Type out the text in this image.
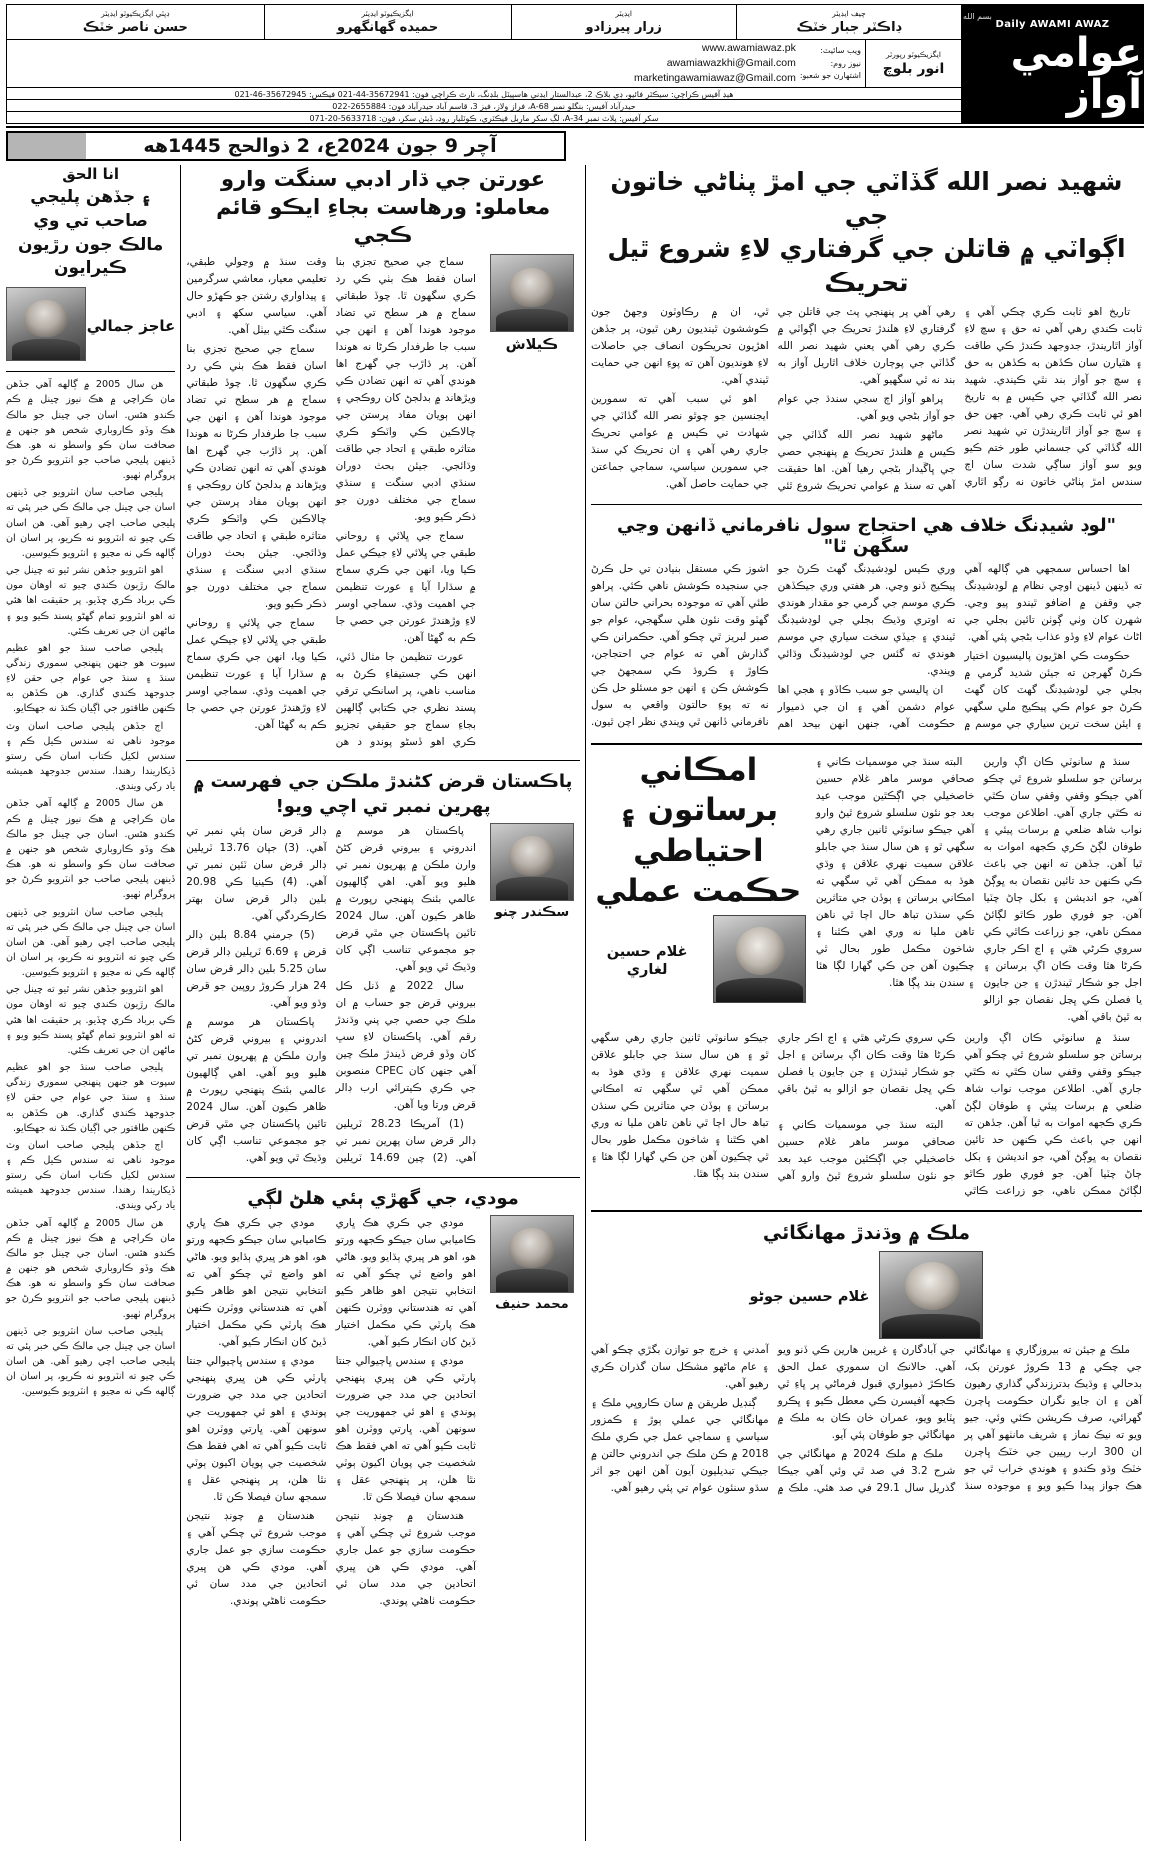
بسم الله
Daily AWAMI AWAZ
عوامي آواز
چيف ايڊيٽر
ڊاڪٽر جبار خٽڪ
ايڊيٽر
زرار پيرزادو
ايگزيڪيوٽو ايڊيٽر
حميده گھانگھرو
ڊپٽي ايگزيڪيوٽو ايڊيٽر
حسن ناصر خٽڪ
ايگزيڪيوٽو رپورٽر
انور بلوچ
ويب سائيٽ:
نيوز روم:
اشتهارن جو شعبو:
www.awamiawaz.pk
awamiawazkhi@Gmail.com
marketingawamiawaz@Gmail.com
هيڊ آفيس ڪراچي: سيڪٽر فائيو، ڊي بلاڪ 2، عبدالستار ايڊني ھاسپيٽل بلڊنگ، نارٿ ڪراچي فون: 35672941-44-021 فيڪس: 35672945-46-021
حيدرآباد آفيس: بنگلو نمبر 68-A، فراز ولاز، فيز 3، قاسم آباد حيدرآباد فون: 2655884-022
سکر آفيس: پلاٽ نمبر 34-A، لڳ سکر ماربل فيڪٽري، ڪوٽليار روڊ، ڏيئن سکر، فون: 5633718-20-071
آچر 9 جون 2024ع، 2 ذوالحج 1445هه
شهيد نصر الله گڏاٽي جي امڙ پٺاڻي خاتون جي
اڳواٽي ۾ قاتلن جي گرفتاري لاءِ شروع ٿيل تحريڪ

تاريخ اهو ثابت ڪري چڪي آهي ۽ ثابت ڪندي رهي آهي ته حق ۽ سچ لاءِ آواز اٿاريندڙ، جدوجهد ڪندڙ ڪي طاقت ۽ هٿيارن سان ڪڏهن به ڪڏهن به حق ۽ سچ جو آواز بند نٿي ڪيندي. شهيد نصر الله گڏاٽي جي ڪيس ۾ به تاريخ اهو ئي ثابت ڪري رهي آهي. جهن حق ۽ سچ جو آواز اٿاريندڙن تي شهيد نصر الله گڏاٽي کي جسماني طور ختم ڪيو ويو سو آواز ساڳي شدت سان اڄ سندس امڙ پٺاڻي خاتون نه رڳو اٿاري رهي آهي پر پنهنجي پٽ جي قاتلن جي گرفتاري لاءِ هلندڙ تحريڪ جي اڳواٽي ۾ ڪري رهي آهي يعني شهيد نصر الله گڏاٽي جي پوڄارن خلاف اٿاريل آواز به بند نه ٿي سگهيو آهي.

پراهو آواز اڄ سجي سندڌ جي عوام جو آواز بڻجي ويو آهي.

ماڻهو شهيد نصر الله گڏاٽي جي ڪيس ۾ هلندڙ تحريڪ ۾ پنهنجي حصي جي ڀاڱيدار بڻجي رهيا آهن. اها حقيقت آهي ته سنڌ ۾ عوامي تحريڪ شروع ٿئي ٿي، ان ۾ رڪاوٽون وجھڻ جون ڪوششون ٿينديون رهن ٿيون، پر جڏهن اهڙيون تحريڪون انصاف جي حاصلات لاءِ هونديون آهن ته پوءِ انهن جي حمايت ٿيندي آهي.

اهو ئي سبب آهي ته سمورين ايجنسين جو چوٿو نصر الله گڏاٽي جي شهادت تي ڪيس ۾ عوامي تحريڪ جاري رهي آهي ۽ ان تحريڪ کي سنڌ جي سمورين سياسي، سماجي جماعتن جي حمايت حاصل آهي.

"لوڊ شيڊنگ خلاف هي احتجاج سول نافرماني ڏانهن وڃي سگهن ٿا"

اها احساس سمجهي هي ڳالهه آهي ته ڏينهن ڏينهن اوچي نظام ۾ لوڊشيڊنگ جي وقفن ۾ اضافو ٿيندو پيو وڃي. شهرن کان وٺي ڳوٺن تائين بجلي جي اڻاٺ عوام لاءِ وڏو عذاب بڻجي پئي آهي.

حڪومت ڪي اهڙيون پاليسيون اختيار ڪرڻ گهرجن ته جيئن شديد گرمي ۾ بجلي جي لوڊشيڊنگ گھٽ کان گھٽ ڪرڻ جو عوام ڪي پيڪيج ملي سگهي ۽ ايئن سخت ترين سياري جي موسم ۾ وري ڪيس لوڊشيڊنگ گھٽ ڪرڻ جو پيڪيج ڏنو وڃي. هر هفتي وري جيڪڏهن ڪري موسم جي گرمي جو مقدار هوندي ته اوتري وڌيڪ بجلي جي لوڊشيڊنگ ٿيندي ۽ جيڏي سخت سياري جي موسم هوندي ته گئس جي لوڊشيڊنگ وڌائي ويندي.

ان پاليسي جو سبب ڪاڏو ۽ هجي اها عوام دشمن آهي ۽ ان جي ذميوار حڪومت آهي، جنهن انهن بيحد اهم اشوز ڪي مستقل بنيادن تي حل ڪرڻ جي سنجيده ڪوشش ناهي ڪئي. پراهو طئي آهي ته موجوده بحراني حالتن سان گهٽو وقت نئون هلي سگهجي، عوام جو صبر لبريز ٿي چڪو آهي. حڪمرانن ڪي گذارش آهي ته عوام جي احتجاجن، ڪاوڙ ۽ ڪروڌ ڪي سمجهڻ جي ڪوشش ڪن ۽ انهن جو مسئلو حل ڪن نه ته پوءِ حالتون واقعي به سول نافرماني ڏانهن ٿي ويندي نظر اچن ٿيون.

سنڌ ۾ سانوٽي ڪان اڳ وارين برساتن جو سلسلو شروع ٿي چڪو آهي جيڪو وقفي وقفي سان ڪٿي نه ڪٿي جاري آهي. اطلاعن موجب نواب شاھ ضلعي ۾ برسات پيئي ۽ طوفان لڳڻ ڪري ڪجهه اموات به ٿيا آهن. جڏهن ته انهن جي باعث ڪي ڪنهن حد تائين نقصان به ڀوڳڻ آهي، جو انديشن ۽ بکل ڄاڻ چٽيا آهن. جو فوري طور ڪاٿو لڳائڻ ممڪن ناهي، جو زراعت ڪاٿي ڪي سروي ڪرڻي هٿي ۽ اڃ اڪر جاري ڪرڻا هٿا وقت ڪان اڳ برساتن ۽ اجل جو شڪار ٿيندڙن ۽ جن جايون يا فصلن ڪي ڀڃل نقصان جو ازالو به ٿيڻ باقي آهي.

البته سنڌ جي موسميات ڪاني ۽ صحافي موسر ماهر غلام حسين خاصخيلي جي اڳڪٿين موجب عيد بعد جو نئون سلسلو شروع ٿيڻ وارو آهي جيڪو سانوٽي ٿانين جاري رهي سگهي ٿو ۽ هن سال سنڌ جي جابلو علاقن سميت نهري علاقن ۽ وڌي هوڌ به ممڪن آهي ٿي سگهي ته امڪاني برساتن ۽ ٻوڏن جي متاثرين ڪي سنڌن تباھ حال اڄا ٿي ناهن تاهن مليا نه وري اهي ڪٿنا ۽ شاخون مڪمل طور بحال ٿي چڪيون آهن جن ڪي گهارا لڳا هئا ۽ سندن بند پڳا هٿا.

امڪاني برساتون ۽
احتياطي حڪمت عملي
غلام حسين لغاري

سنڌ ۾ سانوٽي ڪان اڳ وارين برساتن جو سلسلو شروع ٿي چڪو آهي جيڪو وقفي وقفي سان ڪٿي نه ڪٿي جاري آهي. اطلاعن موجب نواب شاھ ضلعي ۾ برسات پيئي ۽ طوفان لڳڻ ڪري ڪجهه اموات به ٿيا آهن. جڏهن ته انهن جي باعث ڪي ڪنهن حد تائين نقصان به ڀوڳڻ آهي، جو انديشن ۽ بکل ڄاڻ چٽيا آهن. جو فوري طور ڪاٿو لڳائڻ ممڪن ناهي، جو زراعت ڪاٿي ڪي سروي ڪرڻي هٿي ۽ اڃ اڪر جاري ڪرڻا هٿا وقت ڪان اڳ برساتن ۽ اجل جو شڪار ٿيندڙن ۽ جن جايون يا فصلن ڪي ڀڃل نقصان جو ازالو به ٿيڻ باقي آهي.

البته سنڌ جي موسميات ڪاني ۽ صحافي موسر ماهر غلام حسين خاصخيلي جي اڳڪٿين موجب عيد بعد جو نئون سلسلو شروع ٿيڻ وارو آهي جيڪو سانوٽي ٿانين جاري رهي سگهي ٿو ۽ هن سال سنڌ جي جابلو علاقن سميت نهري علاقن ۽ وڌي هوڌ به ممڪن آهي ٿي سگهي ته امڪاني برساتن ۽ ٻوڏن جي متاثرين ڪي سنڌن تباھ حال اڄا ٿي ناهن تاهن مليا نه وري اهي ڪٿنا ۽ شاخون مڪمل طور بحال ٿي چڪيون آهن جن ڪي گهارا لڳا هئا ۽ سندن بند پڳا هٿا.

ملڪ ۾ وڌندڙ مهانگائي
غلام حسين جوڻو

ملڪ ۾ جيئن ته بيروزگاري ۽ مهانگائي جي چڪي ۾ 13 ڪروڙ عورتن بک، بدحالي ۽ وڌيڪ بدترزندگي گذاري رهيون آهن ۽ ان جايو نگران حڪومت ڀاڄرن گهرائي، صرف ڪريشن ڪئي وئي. جيو ويو ته نيڪ نماز ۽ شريف مانٺهو آهي پر ان 300 ارب رپيين جي خٽڪ ڀاڄرن خٽڪ وڌو ڪندو ۽ هوندي خراب ٿي جو هڪ جواز پيدا ڪيو ويو ۽ موجوده سنڌ جي آبادگارن ۽ غريبن هارين ڪي ڏنو ويو آهي. حالانڪ ان سموري عمل الحق ڪاڪڙ ذميواري قبول فرماڻي پر ڀاءِ ٿي ڪجهه آفيسرن ڪي معطل ڪيو ۽ ڀڪرو ڀٽايو ويو، عمران خان ڪان به ملڪ ۾ مهانگائي جو طوفان پئي آيو.

ملڪ ۾ ملڪ 2024 ۾ مهانگائي جي شرح 3.2 في صد ٿي وئي آهي جيڪا گذريل سال 29.1 في صد هئي. ملڪ ۾ آمدني ۽ خرچ جو توازن بگڙي چڪو آهي ۽ عام ماڻهو مشڪل سان گذران ڪري رهيو آهي.

ڳنڊيل طريقن ۾ سان ڪاروڀي ملڪ ۽ مهانگائي جي عملي ٻوڙ ۽ ڪمزور سياسي ۽ سماجي عمل جي ڪري ملڪ 2018 ۾ ڪن ملڪ جي اندروني حالتن ۾ جيڪي تبديليون آيون آهن انهن جو اثر سڌو سنئون عوام تي پئي رهيو آهي.

عورتن جي ڌار ادبي سنگت وارو معاملو: ورهاست بجاءِ ايڪو قائم ڪجي
ڪيلاش

سماج جي صحيح تجزي بنا اسان فقط هڪ بٺي ڪي رد ڪري سگهون ٿا. چوڏ طبقاتي سماج ۾ هر سطح تي تضاد موجود هوندا آهن ۽ انهن جي سبب جا طرفدار ڪرڻا نه هوندا آهن. پر ڌاڙب جي گهرج اها هوندي آهي ته انهن تضادن ڪي ويڙهاند ۾ بدلجڻ کان روڪجي ۽ انهن ٻويان مفاد پرستن جي چالاڪين ڪي واٽڪو ڪري متاثره طبقي ۽ اتحاد جي طاقت وڌائجي. جيئن بحث دوران سنڌي ادبي سنگت ۽ سنڌي سماج جي مختلف دورن جو ذڪر ڪيو ويو.

سماج جي ڀلائي ۽ روحاني طبقي جي ڀلائي لاءِ جيڪي عمل ڪيا ويا، انهن جي ڪري سماج ۾ سڌارا آيا ۽ عورت تنظيمن جي اهميت وڌي. سماجي اوسر لاءِ وڙهندڙ عورتن جي حصي جا ڪم به گھڻا آهن.

عورت تنظيمن جا مثال ڏئي، انهن ڪي جستيفاءِ ڪرڻ به مناسب ناهي، پر اسانڪي ترقي پسند نظري جي ڪتابي ڳالهين بجاءِ سماج جو حقيقي تجزيو ڪري اهو ڏسڻو پوندو د هن وقت سنڌ ۾ وڃولي طبقي، تعليمي معيار، معاشي سرگرمين ۽ پيداواري رشتن جو ڪهڙو حال آهي. سياسي سکھ ۽ ادبي سنگت ڪٿي بيٺل آهي.

سماج جي صحيح تجزي بنا اسان فقط هڪ بٺي ڪي رد ڪري سگهون ٿا. چوڏ طبقاتي سماج ۾ هر سطح تي تضاد موجود هوندا آهن ۽ انهن جي سبب جا طرفدار ڪرڻا نه هوندا آهن. پر ڌاڙب جي گهرج اها هوندي آهي ته انهن تضادن ڪي ويڙهاند ۾ بدلجڻ کان روڪجي ۽ انهن ٻويان مفاد پرستن جي چالاڪين ڪي واٽڪو ڪري متاثره طبقي ۽ اتحاد جي طاقت وڌائجي. جيئن بحث دوران سنڌي ادبي سنگت ۽ سنڌي سماج جي مختلف دورن جو ذڪر ڪيو ويو.

سماج جي ڀلائي ۽ روحاني طبقي جي ڀلائي لاءِ جيڪي عمل ڪيا ويا، انهن جي ڪري سماج ۾ سڌارا آيا ۽ عورت تنظيمن جي اهميت وڌي. سماجي اوسر لاءِ وڙهندڙ عورتن جي حصي جا ڪم به گھڻا آهن.

پاڪستان قرض کڻندڙ ملڪن جي فهرست ۾ پهرين نمبر تي اچي ويو!
سڪندر چنو

پاڪستان هر موسم ۾ اندروني ۽ بيروني قرض کڻڻ وارن ملڪن ۾ پهريون نمبر تي هليو ويو آهي. اهي ڳالهيون عالمي بئنڪ پنهنجي رپورٽ ۾ ظاهر ڪيون آهن. سال 2024 تائين پاڪستان جي مٿي قرض جو مجموعي تناسب اڳي کان وڌيڪ ٿي ويو آهي.

سال 2022 ۾ ڏنل ڪل بيروني قرض جو حساب ۾ ان ملڪ جي حصي جي پني وڌندڙ رقم آهي. پاڪستان لاءِ سڀ کان وڏو قرض ڏيندڙ ملڪ چين آهي جنهن کان CPEC منصوبن جي ڪري ڪيترائي ارب ڊالر قرض ورتا ويا آهن.

(1) آمريڪا 28.23 ٽريلين ڊالر قرض سان پهرين نمبر تي آهي. (2) چين 14.69 ٽريلين ڊالر قرض سان ٻئي نمبر تي آهي. (3) جپان 13.76 ٽريلين ڊالر قرض سان ٽئين نمبر تي آهي. (4) ڪينيا ڪي 20.98 بلين ڊالر قرض سان بهتر ڪارڪردگي آهي.

(5) جرمني 8.84 بلين ڊالر قرض ۽ 6.69 ٽريلين ڊالر قرض سان 5.25 بلين ڊالر قرض سان 24 هزار ڪروڙ روپين جو قرض وڌو ويو آهي.

پاڪستان هر موسم ۾ اندروني ۽ بيروني قرض کڻڻ وارن ملڪن ۾ پهريون نمبر تي هليو ويو آهي. اهي ڳالهيون عالمي بئنڪ پنهنجي رپورٽ ۾ ظاهر ڪيون آهن. سال 2024 تائين پاڪستان جي مٿي قرض جو مجموعي تناسب اڳي کان وڌيڪ ٿي ويو آهي.

مودي، جي گھڙي ٻئي هلڻ لڳي
محمد حنيف

مودي جي ڪري هڪ ڀاري ڪاميابي سان جيڪو ڪجهه ورتو هو، اهو هر ڀيري ٻڌايو ويو. هاڻي اهو واضع ٿي چڪو آهي ته انتخابي نتيجن اهو ظاهر ڪيو آهي ته هندستاني ووٽرن ڪنهن هڪ پارٽي ڪي مڪمل اختيار ڏيڻ کان انڪار ڪيو آهي.

مودي ۽ سندس ڀاڄيوالي جنتا پارٽي ڪي هن ڀيري پنهنجي اتحادين جي مدد جي ضرورت پوندي ۽ اهو ئي جمهوريت جي سونهن آهي. ڀارتي ووٽرن اهو ثابت ڪيو آهي ته اهي فقط هڪ شخصيت جي پويان اکيون ٻوٽي نٿا هلن، پر پنهنجي عقل ۽ سمجھ سان فيصلا ڪن ٿا.

هندستان ۾ چونڊ نتيجن موجب شروع ٿي چڪي آهي ۽ حڪومت سازي جو عمل جاري آهي. مودي ڪي هن ڀيري اتحادين جي مدد سان ئي حڪومت ٺاهڻي پوندي.

مودي جي ڪري هڪ ڀاري ڪاميابي سان جيڪو ڪجهه ورتو هو، اهو هر ڀيري ٻڌايو ويو. هاڻي اهو واضع ٿي چڪو آهي ته انتخابي نتيجن اهو ظاهر ڪيو آهي ته هندستاني ووٽرن ڪنهن هڪ پارٽي ڪي مڪمل اختيار ڏيڻ کان انڪار ڪيو آهي.

مودي ۽ سندس ڀاڄيوالي جنتا پارٽي ڪي هن ڀيري پنهنجي اتحادين جي مدد جي ضرورت پوندي ۽ اهو ئي جمهوريت جي سونهن آهي. ڀارتي ووٽرن اهو ثابت ڪيو آهي ته اهي فقط هڪ شخصيت جي پويان اکيون ٻوٽي نٿا هلن، پر پنهنجي عقل ۽ سمجھ سان فيصلا ڪن ٿا.

هندستان ۾ چونڊ نتيجن موجب شروع ٿي چڪي آهي ۽ حڪومت سازي جو عمل جاري آهي. مودي ڪي هن ڀيري اتحادين جي مدد سان ئي حڪومت ٺاهڻي پوندي.

انا الحق
۽ جڏهن پليجي صاحب تي وي
مالڪ جون رڙيون ڪيرايون
عاجز جمالي

هن سال 2005 ۾ ڳالهه آهي جڏهن مان ڪراچي ۾ هڪ نيوز چينل ۾ ڪم ڪندو هئس. اسان جي چينل جو مالڪ هڪ وڏو ڪاروباري شخص هو جنهن ۾ صحافت سان ڪو واسطو نه هو. هڪ ڏينهن پليجي صاحب جو انٽرويو ڪرڻ جو پروگرام ٺهيو.

پليجي صاحب سان انٽرويو جي ڏينهن اسان جي چينل جي مالڪ ڪي خبر پئي ته پليجي صاحب اچي رهيو آهي. هن اسان ڪي چيو ته انٽرويو نه ڪريو، پر اسان ان ڳالهه ڪي نه مڃيو ۽ انٽرويو ڪيوسين.

اهو انٽرويو جڏهن نشر ٿيو ته چينل جي مالڪ رڙيون ڪندي چيو ته اوهان مون ڪي برباد ڪري ڇڏيو. پر حقيقت اها هئي ته اهو انٽرويو تمام گهڻو پسند ڪيو ويو ۽ ماڻهن ان جي تعريف ڪئي.

پليجي صاحب سنڌ جو اهو عظيم سپوت هو جنهن پنهنجي سموري زندگي سنڌ ۽ سنڌ جي عوام جي حقن لاءِ جدوجهد ڪندي گذاري. هن ڪڏهن به ڪنهن طاقتور جي اڳيان ڪنڌ نه جھڪايو.

اڄ جڏهن پليجي صاحب اسان وٽ موجود ناهي ته سندس ڪيل ڪم ۽ سندس لکيل ڪتاب اسان ڪي رستو ڏيکاريندا رهندا. سندس جدوجهد هميشه ياد رکي ويندي.

هن سال 2005 ۾ ڳالهه آهي جڏهن مان ڪراچي ۾ هڪ نيوز چينل ۾ ڪم ڪندو هئس. اسان جي چينل جو مالڪ هڪ وڏو ڪاروباري شخص هو جنهن ۾ صحافت سان ڪو واسطو نه هو. هڪ ڏينهن پليجي صاحب جو انٽرويو ڪرڻ جو پروگرام ٺهيو.

پليجي صاحب سان انٽرويو جي ڏينهن اسان جي چينل جي مالڪ ڪي خبر پئي ته پليجي صاحب اچي رهيو آهي. هن اسان ڪي چيو ته انٽرويو نه ڪريو، پر اسان ان ڳالهه ڪي نه مڃيو ۽ انٽرويو ڪيوسين.

اهو انٽرويو جڏهن نشر ٿيو ته چينل جي مالڪ رڙيون ڪندي چيو ته اوهان مون ڪي برباد ڪري ڇڏيو. پر حقيقت اها هئي ته اهو انٽرويو تمام گهڻو پسند ڪيو ويو ۽ ماڻهن ان جي تعريف ڪئي.

پليجي صاحب سنڌ جو اهو عظيم سپوت هو جنهن پنهنجي سموري زندگي سنڌ ۽ سنڌ جي عوام جي حقن لاءِ جدوجهد ڪندي گذاري. هن ڪڏهن به ڪنهن طاقتور جي اڳيان ڪنڌ نه جھڪايو.

اڄ جڏهن پليجي صاحب اسان وٽ موجود ناهي ته سندس ڪيل ڪم ۽ سندس لکيل ڪتاب اسان ڪي رستو ڏيکاريندا رهندا. سندس جدوجهد هميشه ياد رکي ويندي.

هن سال 2005 ۾ ڳالهه آهي جڏهن مان ڪراچي ۾ هڪ نيوز چينل ۾ ڪم ڪندو هئس. اسان جي چينل جو مالڪ هڪ وڏو ڪاروباري شخص هو جنهن ۾ صحافت سان ڪو واسطو نه هو. هڪ ڏينهن پليجي صاحب جو انٽرويو ڪرڻ جو پروگرام ٺهيو.

پليجي صاحب سان انٽرويو جي ڏينهن اسان جي چينل جي مالڪ ڪي خبر پئي ته پليجي صاحب اچي رهيو آهي. هن اسان ڪي چيو ته انٽرويو نه ڪريو، پر اسان ان ڳالهه ڪي نه مڃيو ۽ انٽرويو ڪيوسين.
